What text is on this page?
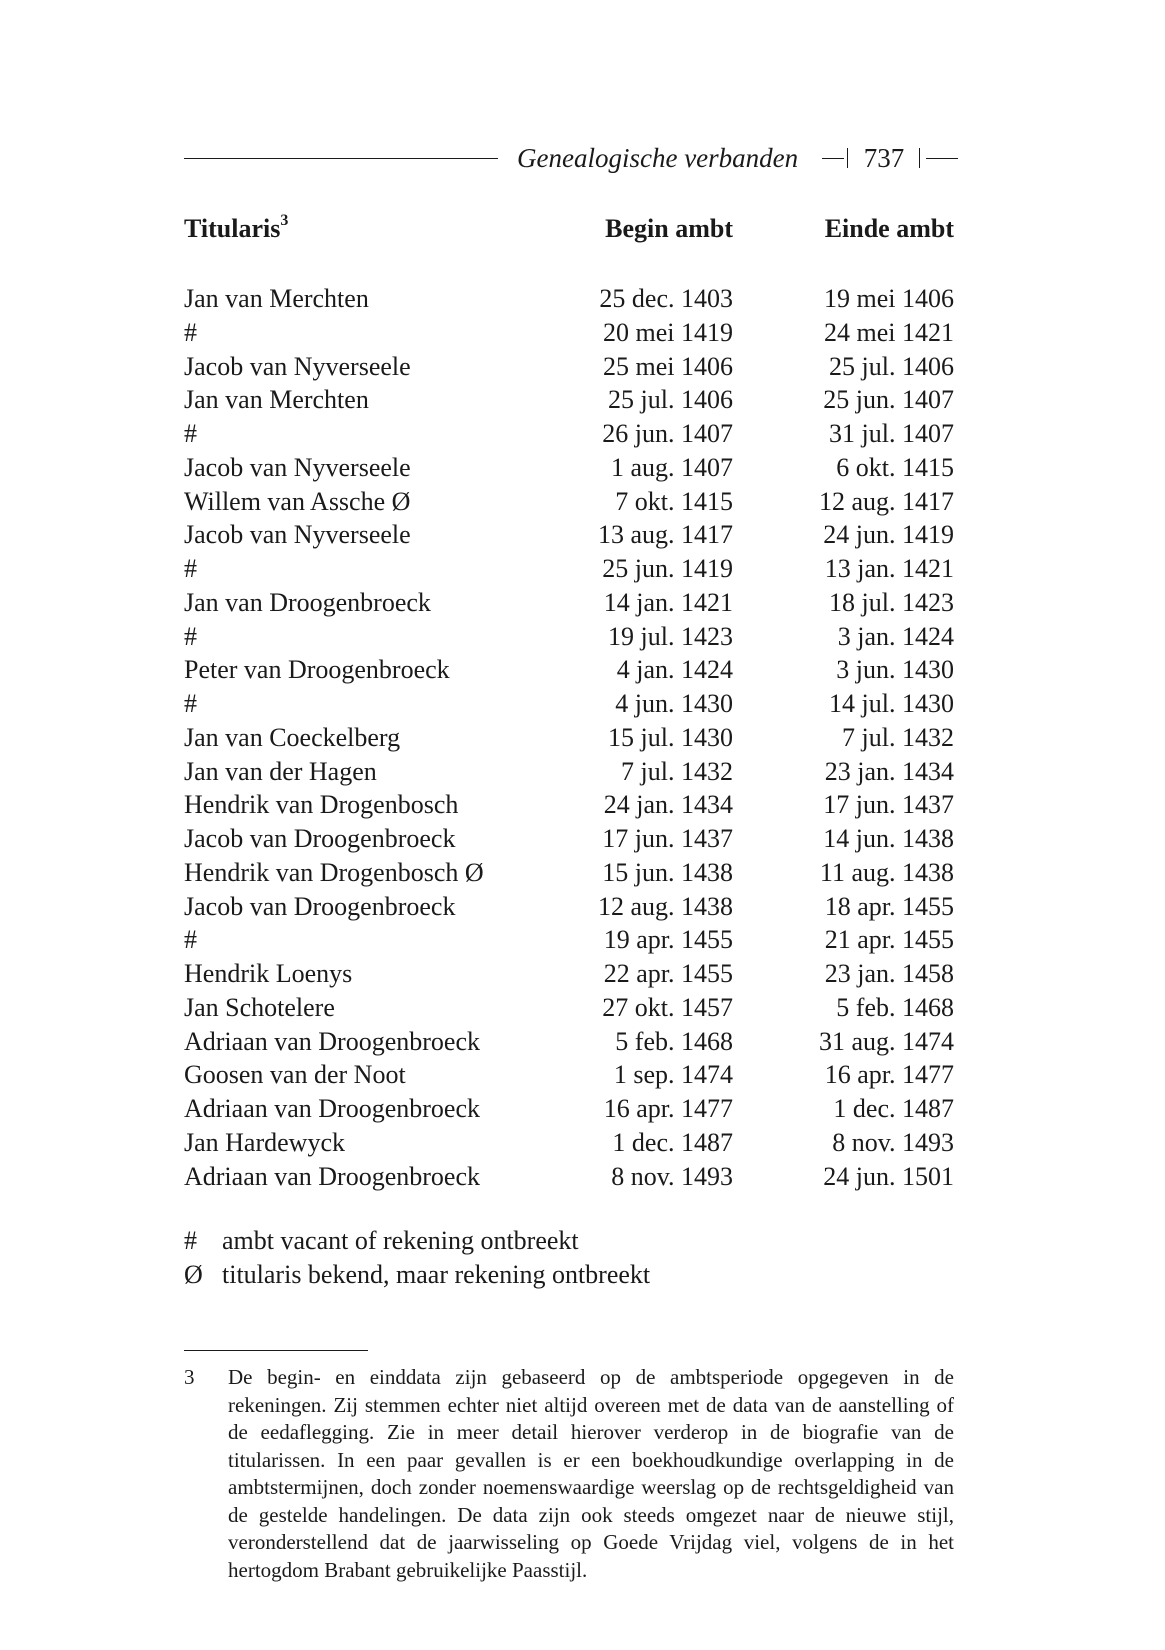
Genealogische verbanden 737
Titularis$^3$	Begin ambt	Einde ambt
Jan van Merchten	25 dec. 1403	19 mei 1406
#	20 mei 1419	24 mei 1421
Jacob van Nyverseele	25 mei 1406	25 jul. 1406
Jan van Merchten	25 jul. 1406	25 jun. 1407
#	26 jun. 1407	31 jul. 1407
Jacob van Nyverseele	1 aug. 1407	6 okt. 1415
Willem van Assche Ø	7 okt. 1415	12 aug. 1417
Jacob van Nyverseele	13 aug. 1417	24 jun. 1419
#	25 jun. 1419	13 jan. 1421
Jan van Droogenbroeck	14 jan. 1421	18 jul. 1423
#	19 jul. 1423	3 jan. 1424
Peter van Droogenbroeck	4 jan. 1424	3 jun. 1430
#	4 jun. 1430	14 jul. 1430
Jan van Coeckelberg	15 jul. 1430	7 jul. 1432
Jan van der Hagen	7 jul. 1432	23 jan. 1434
Hendrik van Drogenbosch	24 jan. 1434	17 jun. 1437
Jacob van Droogenbroeck	17 jun. 1437	14 jun. 1438
Hendrik van Drogenbosch Ø	15 jun. 1438	11 aug. 1438
Jacob van Droogenbroeck	12 aug. 1438	18 apr. 1455
#	19 apr. 1455	21 apr. 1455
Hendrik Loenys	22 apr. 1455	23 jan. 1458
Jan Schotelere	27 okt. 1457	5 feb. 1468
Adriaan van Droogenbroeck	5 feb. 1468	31 aug. 1474
Goosen van der Noot	1 sep. 1474	16 apr. 1477
Adriaan van Droogenbroeck	16 apr. 1477	1 dec. 1487
Jan Hardewyck	1 dec. 1487	8 nov. 1493
Adriaan van Droogenbroeck	8 nov. 1493	24 jun. 1501
# ambt vacant of rekening ontbreekt
Ø titularis bekend, maar rekening ontbreekt
3 De begin- en einddata zijn gebaseerd op de ambtsperiode opgegeven in de rekeningen. Zij stemmen echter niet altijd overeen met de data van de aanstelling of de eedaflegging. Zie in meer detail hierover verderop in de biografie van de titularissen. In een paar gevallen is er een boekhoudkundige overlapping in de ambtstermijnen, doch zonder noemenswaardige weerslag op de rechtsgeldigheid van de gestelde handelingen. De data zijn ook steeds omgezet naar de nieuwe stijl, veronderstellend dat de jaarwisseling op Goede Vrijdag viel, volgens de in het hertogdom Brabant gebruikelijke Paasstijl.
